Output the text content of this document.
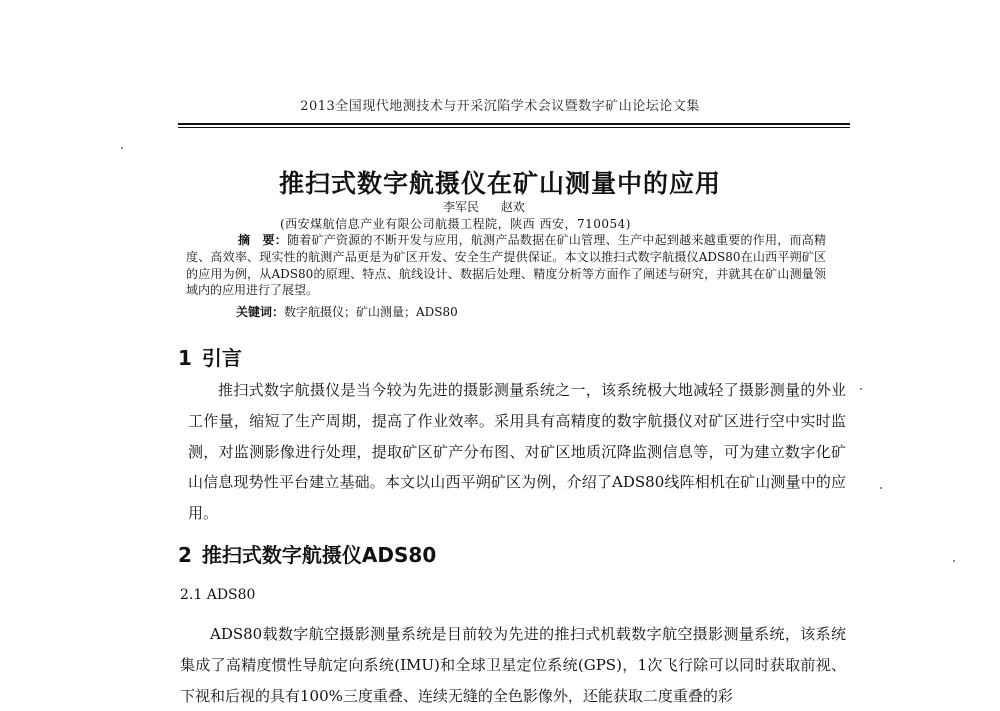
2013全国现代地测技术与开采沉陷学术会议暨数字矿山论坛论文集
推扫式数字航摄仪在矿山测量中的应用
李军民 赵欢
(西安煤航信息产业有限公司航摄工程院，陕西 西安，710054)

摘　要：随着矿产资源的不断开发与应用，航测产品数据在矿山管理、生产中起到越来越重要的作用，而高精度、高效率、现实性的航测产品更是为矿区开发、安全生产提供保证。本文以推扫式数字航摄仪ADS80在山西平朔矿区的应用为例，从ADS80的原理、特点、航线设计、数据后处理、精度分析等方面作了阐述与研究，并就其在矿山测量领域内的应用进行了展望。

关键词：数字航摄仪；矿山测量；ADS80
1 引言

推扫式数字航摄仪是当今较为先进的摄影测量系统之一，该系统极大地减轻了摄影测量的外业工作量，缩短了生产周期，提高了作业效率。采用具有高精度的数字航摄仪对矿区进行空中实时监测，对监测影像进行处理，提取矿区矿产分布图、对矿区地质沉降监测信息等，可为建立数字化矿山信息现势性平台建立基础。本文以山西平朔矿区为例，介绍了ADS80线阵相机在矿山测量中的应用。

2 推扫式数字航摄仪ADS80
2.1 ADS80

ADS80载数字航空摄影测量系统是目前较为先进的推扫式机载数字航空摄影测量系统，该系统集成了高精度惯性导航定向系统(IMU)和全球卫星定位系统(GPS)，1次飞行除可以同时获取前视、下视和后视的具有100%三度重叠、连续无缝的全色影像外，还能获取二度重叠的彩
